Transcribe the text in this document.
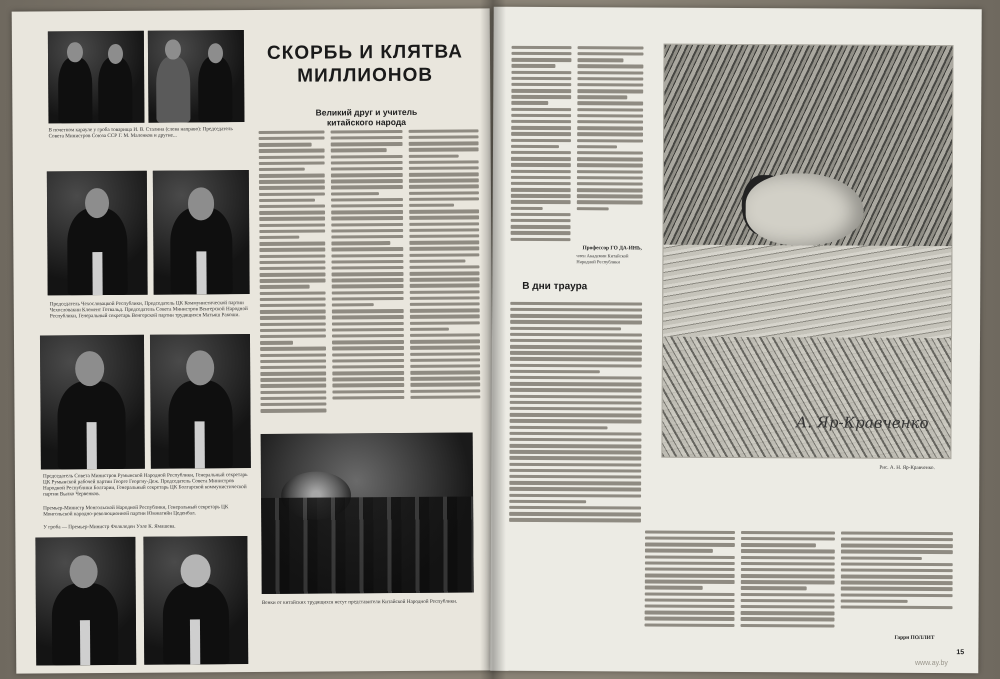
В почетном карауле у гроба товарища И. В. Сталина (слева направо): Председатель Совета Министров Союза ССР Г. М. Маленков и другие...
Председатель Чехословацкой Республики, Председатель ЦК Коммунистической партии Чехословакии Клемент Готвальд. Председатель Совета Министров Венгерской Народной Республики, Генеральный секретарь Венгерской партии трудящихся Матьяш Ракоши.
Председатель Совета Министров Румынской Народной Республики, Генеральный секретарь ЦК Румынской рабочей партии Георге Георгиу-Деж. Председатель Совета Министров Народной Республики Болгарии, Генеральный секретарь ЦК Болгарской коммунистической партии Вылко Червенков.
Премьер-Министр Монгольской Народной Республики, Генеральный секретарь ЦК Монгольской народно-революционной партии Юмжагийн Цеденбал.
У гроба — Премьер-Министр Фолкледен Уэле К. Ямашева.
СКОРБЬ И КЛЯТВА МИЛЛИОНОВ
Великий друг и учитель китайского народа
Венки от китайских трудящихся несут представители Китайской Народной Республики.
Профессор ГО ДА-ИНЬ,
член Академии Китайской Народной Республики
В дни траура
А. Яр-Кравченко
Рис. А. Н. Яр-Кравченко.
Гарри ПОЛЛИТ
15
www.ay.by
